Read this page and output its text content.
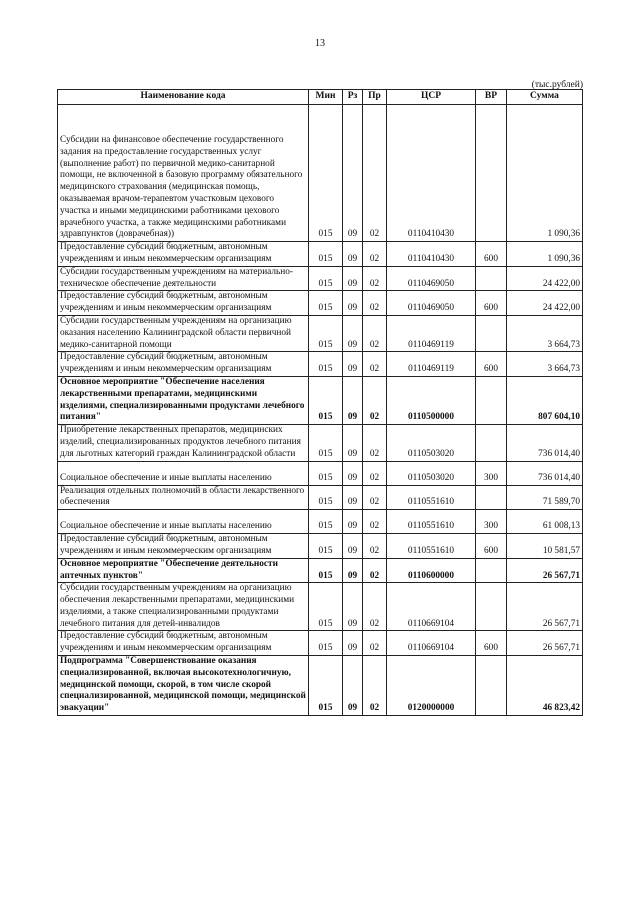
13
(тыс.рублей)
Наименование кода	Мин	Рз	Пр	ЦСР	ВР	Сумма
Субсидии на финансовое обеспечение государственного задания на предоставление государственных услуг (выполнение работ) по первичной медико-санитарной помощи, не включенной в базовую программу обязательного медицинского страхования (медицинская помощь, оказываемая врачом-терапевтом участковым цехового участка и иными медицинскими работниками цехового врачебного участка, а также медицинскими работниками здравпунктов (доврачебная))	015	09	02	0110410430		1 090,36
Предоставление субсидий бюджетным, автономным учреждениям и иным некоммерческим организациям	015	09	02	0110410430	600	1 090,36
Субсидии государственным учреждениям на материально-техническое обеспечение деятельности	015	09	02	0110469050		24 422,00
Предоставление субсидий бюджетным, автономным учреждениям и иным некоммерческим организациям	015	09	02	0110469050	600	24 422,00
Субсидии государственным учреждениям на организацию оказания населению Калининградской области первичной медико-санитарной помощи	015	09	02	0110469119		3 664,73
Предоставление субсидий бюджетным, автономным учреждениям и иным некоммерческим организациям	015	09	02	0110469119	600	3 664,73
Основное мероприятие "Обеспечение населения лекарственными препаратами, медицинскими изделиями, специализированными продуктами лечебного питания"	015	09	02	0110500000		807 604,10
Приобретение лекарственных препаратов, медицинских изделий, специализированных продуктов лечебного питания для льготных категорий граждан Калининградской области	015	09	02	0110503020		736 014,40
Социальное обеспечение и иные выплаты населению	015	09	02	0110503020	300	736 014,40
Реализация отдельных полномочий в области лекарственного обеспечения	015	09	02	0110551610		71 589,70
Социальное обеспечение и иные выплаты населению	015	09	02	0110551610	300	61 008,13
Предоставление субсидий бюджетным, автономным учреждениям и иным некоммерческим организациям	015	09	02	0110551610	600	10 581,57
Основное мероприятие "Обеспечение деятельности аптечных пунктов"	015	09	02	0110600000		26 567,71
Субсидии государственным учреждениям на организацию обеспечения лекарственными препаратами, медицинскими изделиями, а также специализированными продуктами лечебного питания для детей-инвалидов	015	09	02	0110669104		26 567,71
Предоставление субсидий бюджетным, автономным учреждениям и иным некоммерческим организациям	015	09	02	0110669104	600	26 567,71
Подпрограмма "Совершенствование оказания специализированной, включая высокотехнологичную, медицинской помощи, скорой, в том числе скорой специализированной, медицинской помощи, медицинской эвакуации"	015	09	02	0120000000		46 823,42
